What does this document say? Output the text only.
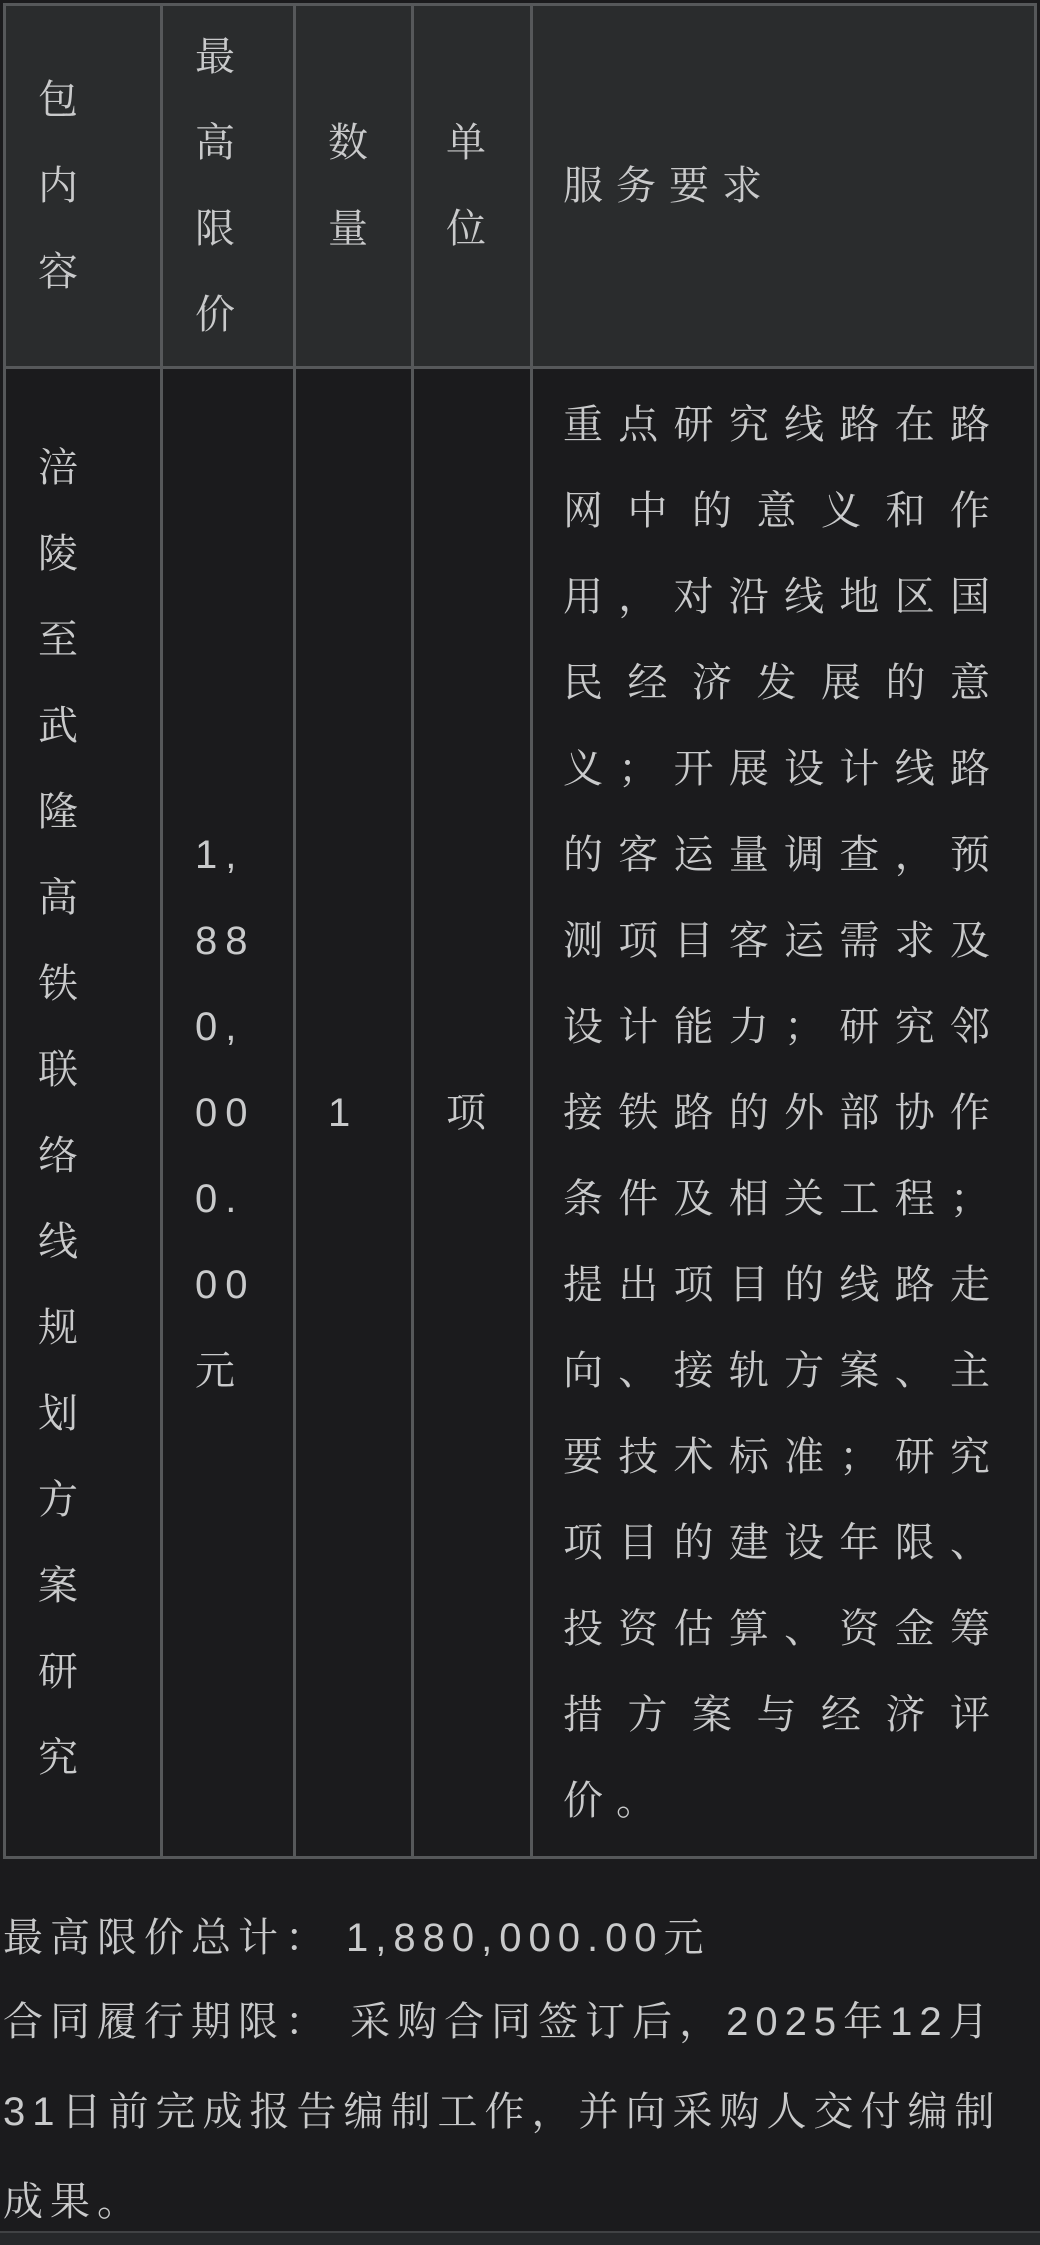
包内容
最高限价
数量
单位
服务要求
涪陵至武隆高铁联络线规划方案研究
1,880,000.00元
1 项
重点研究线路在路
网中的意义和作
用，对沿线地区国
民经济发展的意
义；开展设计线路
的客运量调查，预
测项目客运需求及
设计能力；研究邻
接铁路的外部协作
条件及相关工程；
提出项目的线路走
向、接轨方案、主
要技术标准；研究
项目的建设年限、
投资估算、资金筹
措方案与经济评
价。
最高限价总计： 1,880,000.00元
合同履行期限： 采购合同签订后，2025年12月
31日前完成报告编制工作，并向采购人交付编制
成果。
